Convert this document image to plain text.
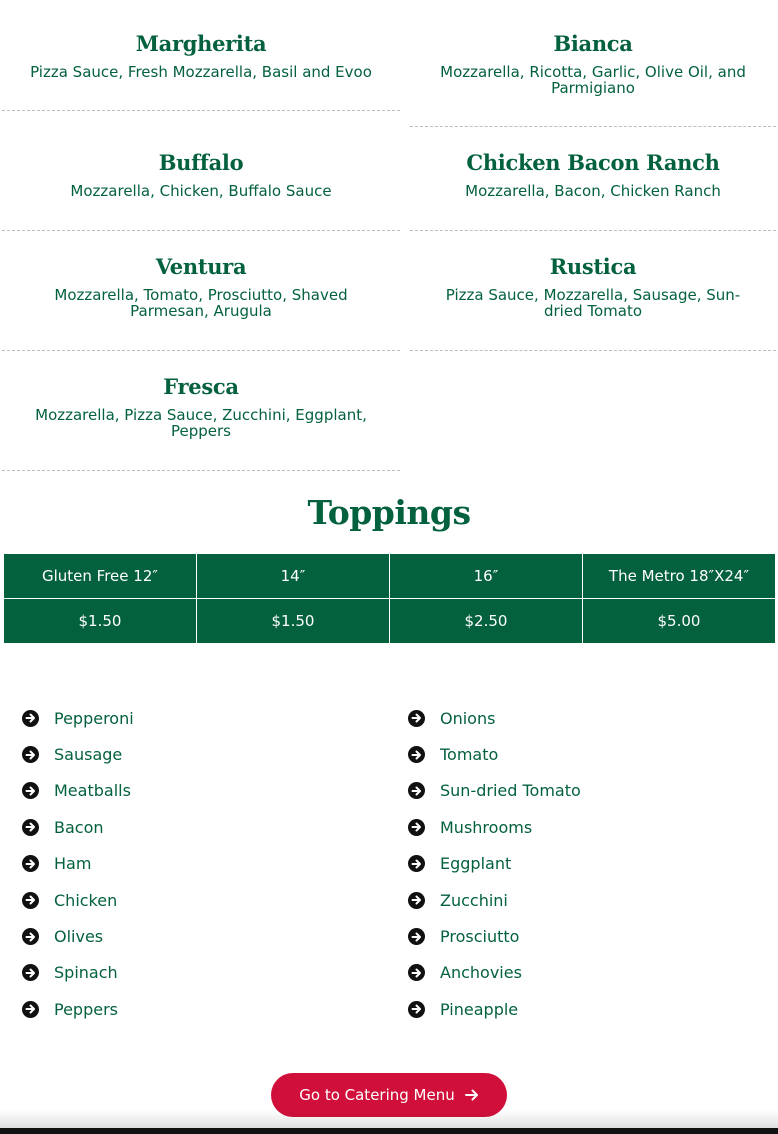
Margherita
Pizza Sauce, Fresh Mozzarella, Basil and Evoo
Buffalo
Mozzarella, Chicken, Buffalo Sauce
Ventura
Mozzarella, Tomato, Prosciutto, Shaved Parmesan, Arugula
Fresca
Mozzarella, Pizza Sauce, Zucchini, Eggplant, Peppers
Bianca
Mozzarella, Ricotta, Garlic, Olive Oil, and Parmigiano
Chicken Bacon Ranch
Mozzarella, Bacon, Chicken Ranch
Rustica
Pizza Sauce, Mozzarella, Sausage, Sun-dried Tomato
Toppings
Gluten Free 12″	14″	16″	The Metro 18″X24″
$1.50	$1.50	$2.50	$5.00
Pepperoni
Sausage
Meatballs
Bacon
Ham
Chicken
Olives
Spinach
Peppers
Onions
Tomato
Sun-dried Tomato
Mushrooms
Eggplant
Zucchini
Prosciutto
Anchovies
Pineapple
Go to Catering Menu
